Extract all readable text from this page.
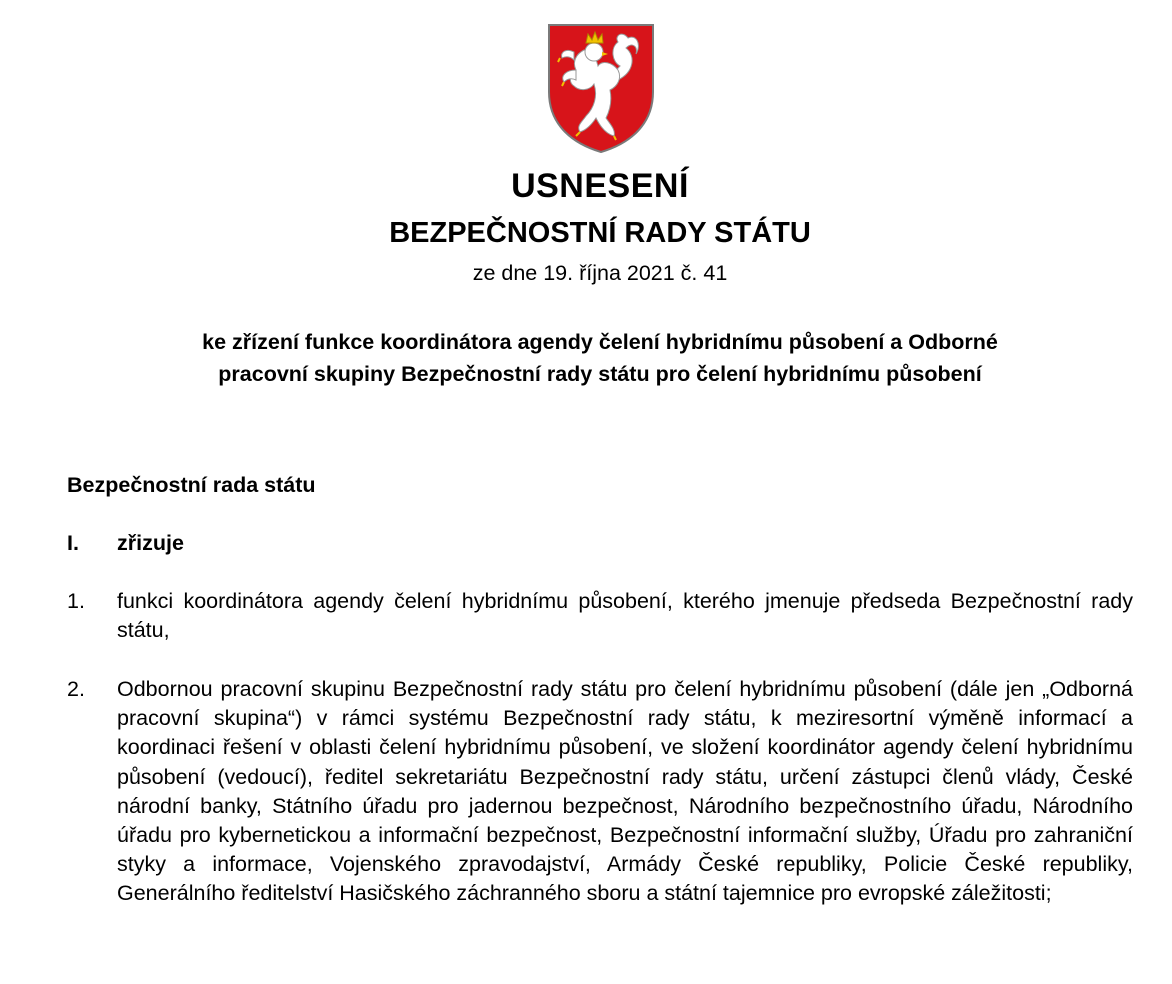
USNESENÍ
BEZPEČNOSTNÍ RADY STÁTU
ze dne 19. října 2021 č. 41
ke zřízení funkce koordinátora agendy čelení hybridnímu působení a Odborné
pracovní skupiny Bezpečnostní rady státu pro čelení hybridnímu působení
Bezpečnostní rada státu
I. zřizuje
1. funkci koordinátora agendy čelení hybridnímu působení, kterého jmenuje předseda Bezpečnostní rady státu,
2. Odbornou pracovní skupinu Bezpečnostní rady státu pro čelení hybridnímu působení (dále jen „Odborná pracovní skupina“) v rámci systému Bezpečnostní rady státu, k meziresortní výměně informací a koordinaci řešení v oblasti čelení hybridnímu působení, ve složení koordinátor agendy čelení hybridnímu působení (vedoucí), ředitel sekretariátu Bezpečnostní rady státu, určení zástupci členů vlády, České národní banky, Státního úřadu pro jadernou bezpečnost, Národního bezpečnostního úřadu, Národního úřadu pro kybernetickou a informační bezpečnost, Bezpečnostní informační služby, Úřadu pro zahraniční styky a informace, Vojenského zpravodajství, Armády České republiky, Policie České republiky, Generálního ředitelství Hasičského záchranného sboru a státní tajemnice pro evropské záležitosti;
